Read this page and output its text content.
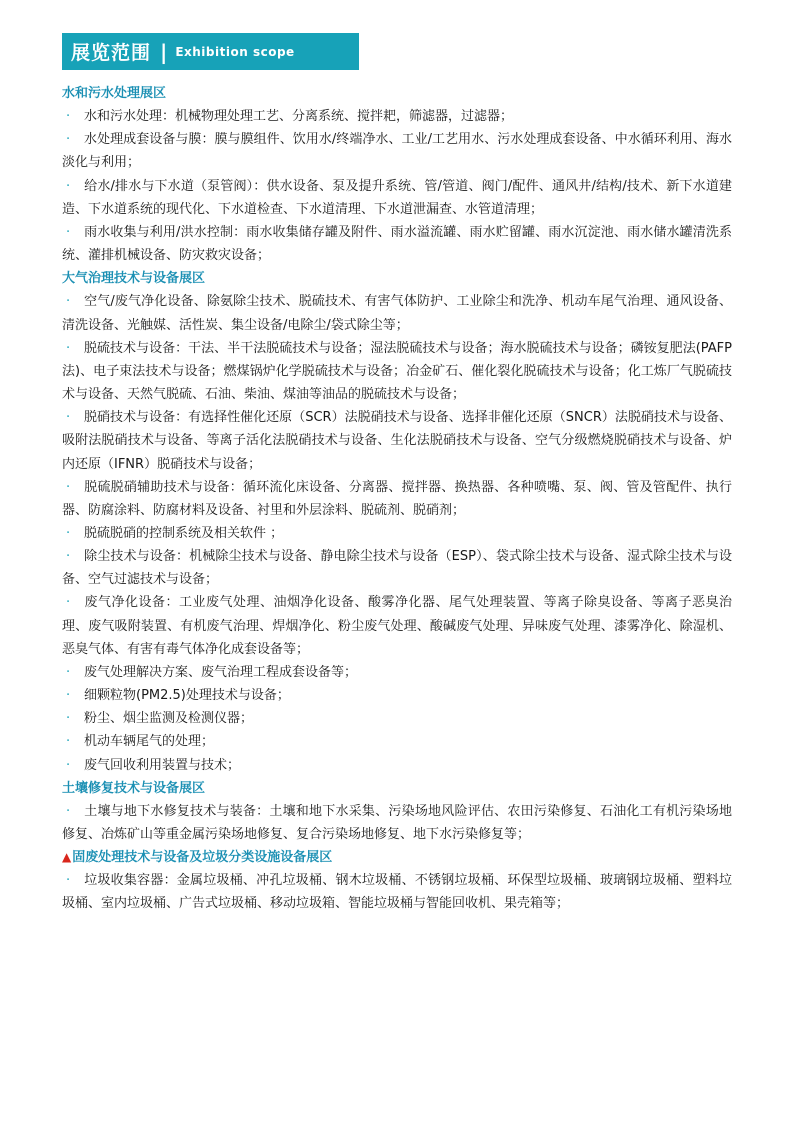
展览范围 | Exhibition scope
水和污水处理展区
· 水和污水处理：机械物理处理工艺、分离系统、搅拌耙，筛滤器，过滤器；
· 水处理成套设备与膜：膜与膜组件、饮用水/终端净水、工业/工艺用水、污水处理成套设备、中水循环利用、海水淡化与利用；
· 给水/排水与下水道（泵管阀）：供水设备、泵及提升系统、管/管道、阀门/配件、通风井/结构/技术、新下水道建造、下水道系统的现代化、下水道检查、下水道清理、下水道泄漏查、水管道清理；
· 雨水收集与利用/洪水控制：雨水收集储存罐及附件、雨水溢流罐、雨水贮留罐、雨水沉淀池、雨水储水罐清洗系统、灌排机械设备、防灾救灾设备；
大气治理技术与设备展区
· 空气/废气净化设备、除氨除尘技术、脱硫技术、有害气体防护、工业除尘和洗净、机动车尾气治理、通风设备、清洗设备、光触媒、活性炭、集尘设备/电除尘/袋式除尘等；
· 脱硫技术与设备：干法、半干法脱硫技术与设备；湿法脱硫技术与设备；海水脱硫技术与设备；磷铵复肥法(PAFP法)、电子束法技术与设备；燃煤锅炉化学脱硫技术与设备；冶金矿石、催化裂化脱硫技术与设备；化工炼厂气脱硫技术与设备、天然气脱硫、石油、柴油、煤油等油品的脱硫技术与设备；
· 脱硝技术与设备：有选择性催化还原（SCR）法脱硝技术与设备、选择非催化还原（SNCR）法脱硝技术与设备、吸附法脱硝技术与设备、等离子活化法脱硝技术与设备、生化法脱硝技术与设备、空气分级燃烧脱硝技术与设备、炉内还原（IFNR）脱硝技术与设备；
· 脱硫脱硝辅助技术与设备：循环流化床设备、分离器、搅拌器、换热器、各种喷嘴、泵、阀、管及管配件、执行器、防腐涂料、防腐材料及设备、衬里和外层涂料、脱硫剂、脱硝剂；
· 脱硫脱硝的控制系统及相关软件 ；
· 除尘技术与设备：机械除尘技术与设备、静电除尘技术与设备（ESP）、袋式除尘技术与设备、湿式除尘技术与设备、空气过滤技术与设备；
· 废气净化设备：工业废气处理、油烟净化设备、酸雾净化器、尾气处理装置、等离子除臭设备、等离子恶臭治理、废气吸附装置、有机废气治理、焊烟净化、粉尘废气处理、酸碱废气处理、异味废气处理、漆雾净化、除湿机、恶臭气体、有害有毒气体净化成套设备等；
· 废气处理解决方案、废气治理工程成套设备等；
· 细颗粒物(PM2.5)处理技术与设备；
· 粉尘、烟尘监测及检测仪器；
· 机动车辆尾气的处理；
· 废气回收利用装置与技术；
土壤修复技术与设备展区
· 土壤与地下水修复技术与装备：土壤和地下水采集、污染场地风险评估、农田污染修复、石油化工有机污染场地修复、冶炼矿山等重金属污染场地修复、复合污染场地修复、地下水污染修复等；
▲固废处理技术与设备及垃圾分类设施设备展区
· 垃圾收集容器：金属垃圾桶、冲孔垃圾桶、钢木垃圾桶、不锈钢垃圾桶、环保型垃圾桶、玻璃钢垃圾桶、塑料垃圾桶、室内垃圾桶、广告式垃圾桶、移动垃圾箱、智能垃圾桶与智能回收机、果壳箱等；
